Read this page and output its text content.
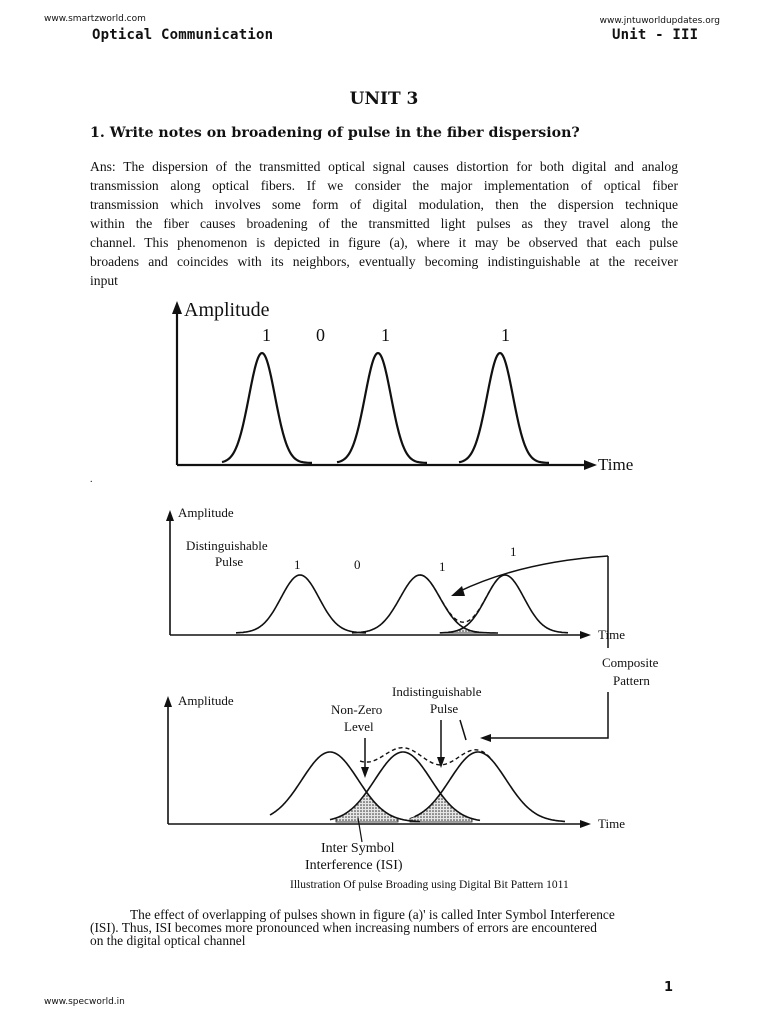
www.smartzworld.com	www.jntuworldupdates.org
Optical Communication	Unit - III
UNIT 3
1. Write notes on broadening of pulse in the fiber dispersion?
Ans: The dispersion of the transmitted optical signal causes distortion for both digital and analog
transmission along optical fibers. If we consider the major implementation of optical fiber
transmission which involves some form of digital modulation, then the dispersion technique
within the fiber causes broadening of the transmitted light pulses as they travel along the
channel. This phenomenon is depicted in figure (a), where it may be observed that each pulse
broadens and coincides with its neighbors, eventually becoming indistinguishable at the receiver
input
Amplitude
Time
1	0	1	1
.
Amplitude
Time
Distinguishable
Pulse	1	0	1
1
Composite
Pattern
Amplitude
Time
Non-Zero
Level
Indistinguishable
Pulse
Inter Symbol
Interference (ISI)
Illustration Of pulse Broading using Digital Bit Pattern 1011
The effect of overlapping of pulses shown in figure (a)' is called Inter Symbol Interference
(ISI). Thus, ISI becomes more pronounced when increasing numbers of errors are encountered
on the digital optical channel
1
www.specworld.in
